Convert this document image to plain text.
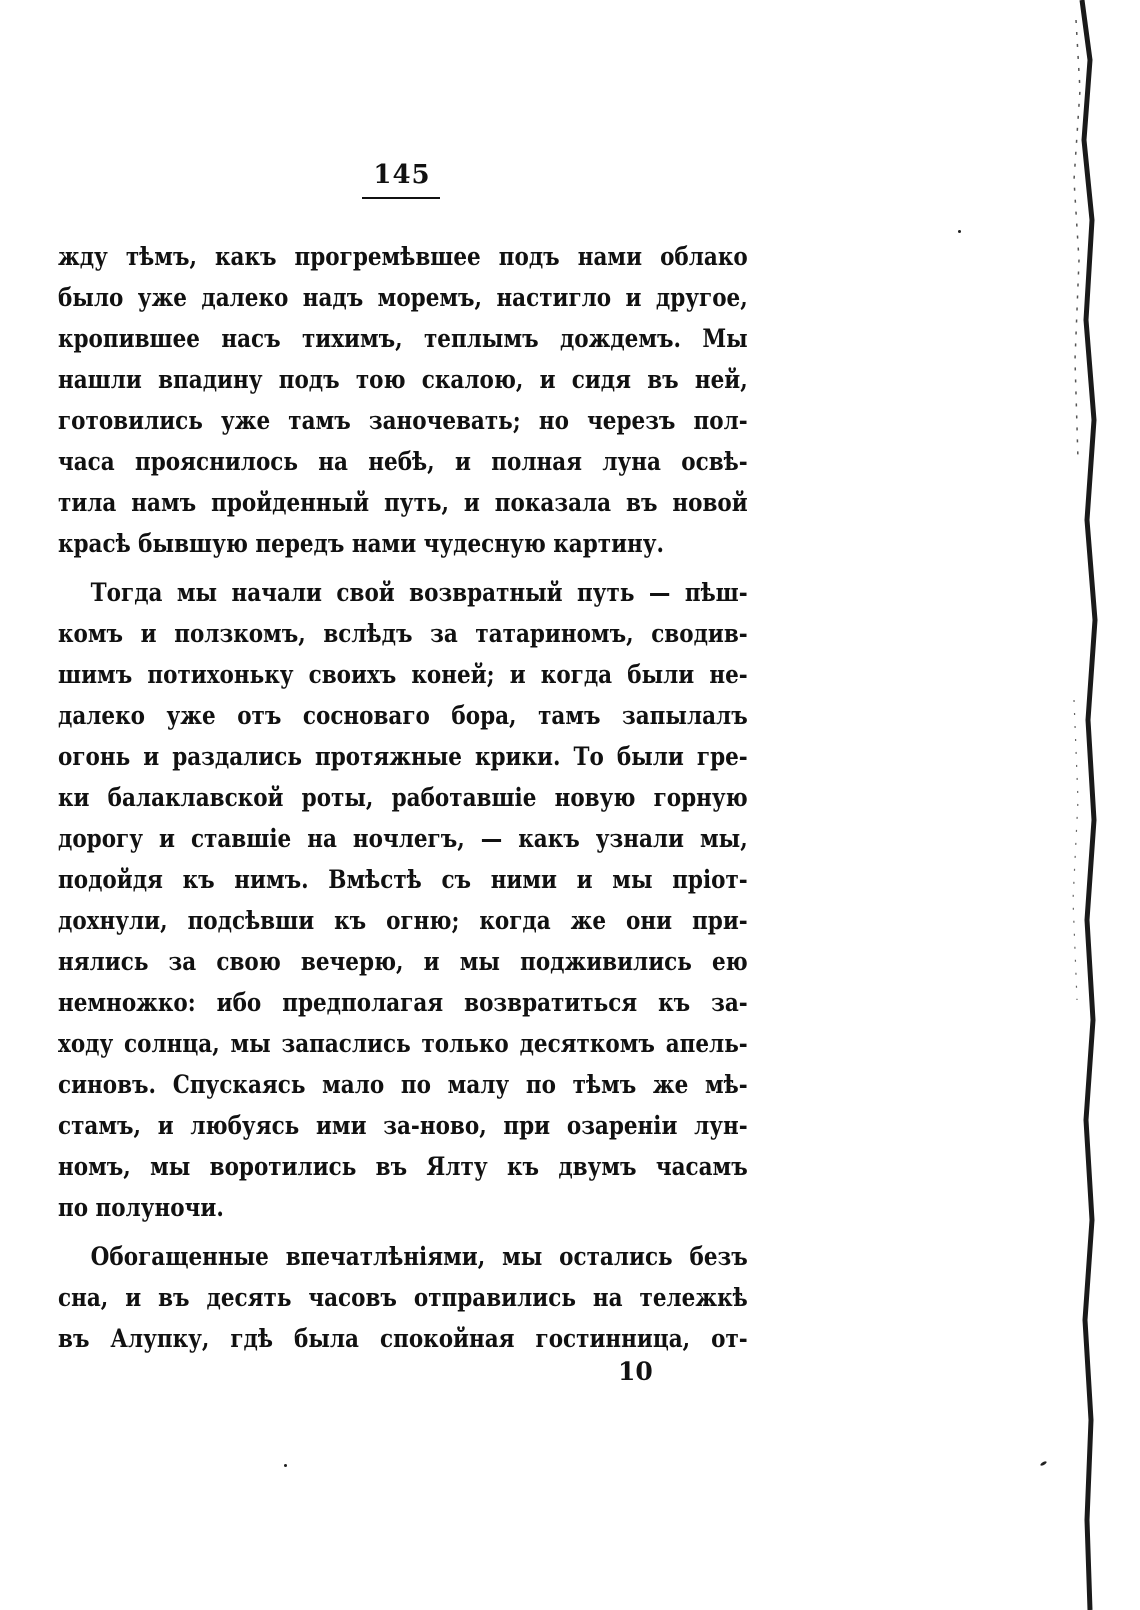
145
жду тѣмъ, какъ прогремѣвшее подъ нами облако
было уже далеко надъ моремъ, настигло и другое,
кропившее насъ тихимъ, теплымъ дождемъ. Мы
нашли впадину подъ тою скалою, и сидя въ ней,
готовились уже тамъ заночевать; но черезъ пол-
часа прояснилось на небѣ, и полная луна освѣ-
тила намъ пройденный путь, и показала въ новой
красѣ бывшую передъ нами чудесную картину.
Тогда мы начали свой возвратный путь — пѣш-
комъ и ползкомъ, вслѣдъ за татариномъ, сводив-
шимъ потихоньку своихъ коней; и когда были не-
далеко уже отъ сосноваго бора, тамъ запылалъ
огонь и раздались протяжные крики. То были гре-
ки балаклавской роты, работавшіе новую горную
дорогу и ставшіе на ночлегъ, — какъ узнали мы,
подойдя къ нимъ. Вмѣстѣ съ ними и мы пріот-
дохнули, подсѣвши къ огню; когда же они при-
нялись за свою вечерю, и мы подживились ею
немножко: ибо предполагая возвратиться къ за-
ходу солнца, мы запаслись только десяткомъ апель-
синовъ. Спускаясь мало по малу по тѣмъ же мѣ-
стамъ, и любуясь ими за-ново, при озареніи лун-
номъ, мы воротились въ Ялту къ двумъ часамъ
по полуночи.
Обогащенные впечатлѣніями, мы остались безъ
сна, и въ десять часовъ отправились на тележкѣ
въ Алупку, гдѣ была спокойная гостинница, от-
10
